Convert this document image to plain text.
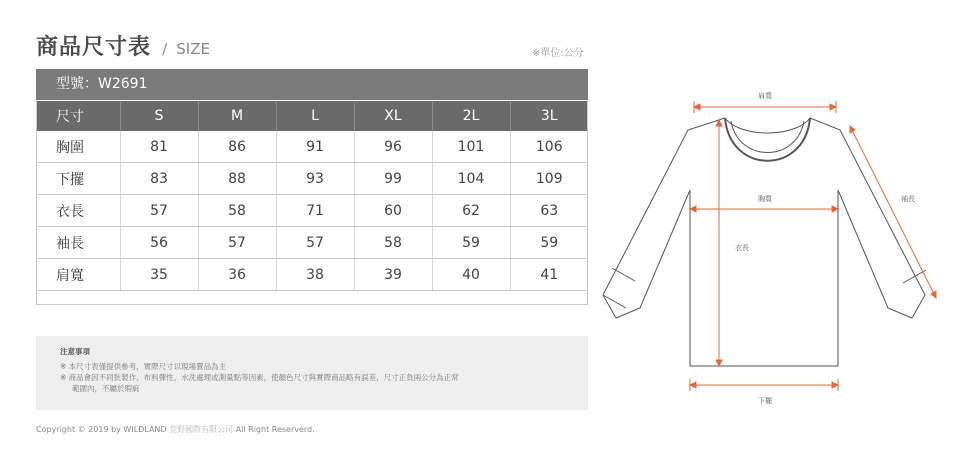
商品尺寸表 / SIZE	※單位:公分
型號：W2691
尺寸	S	M	L	XL	2L	3L
胸圍	81	86	91	96	101	106
下擺	83	88	93	99	104	109
衣長	57	58	71	60	62	63
袖長	56	57	57	58	59	59
肩寬	35	36	38	39	40	41
注意事項
※ 本尺寸表僅提供參考，實際尺寸以現場賣品為主
※ 商品會因不同批製作、布料彈性、水洗處理或測量點等因素，使顏色尺寸與實際商品略有誤差，尺寸正負兩公分為正常
範圍內，不屬於瑕疵
Copyright © 2019 by WILDLAND 荒野國際有限公司 All Right Reserverd.
肩寬
胸寬
衣長
袖長
下擺
